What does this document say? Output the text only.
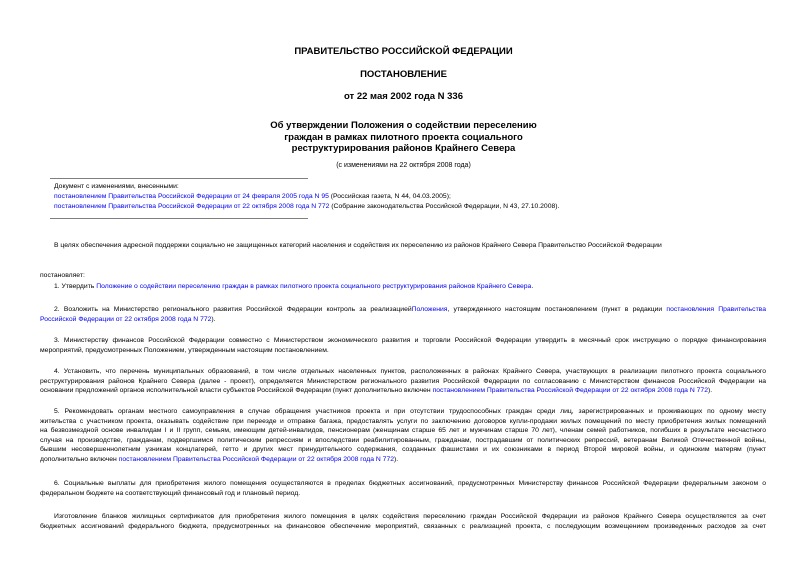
ПРАВИТЕЛЬСТВО РОССИЙСКОЙ ФЕДЕРАЦИИ
ПОСТАНОВЛЕНИЕ
от 22 мая 2002 года N 336
Об утверждении Положения о содействии переселению
граждан в рамках пилотного проекта социального
реструктурирования районов Крайнего Севера
(с изменениями на 22 октября 2008 года)
Документ с изменениями, внесенными:
постановлением Правительства Российской Федерации от 24 февраля 2005 года N 95 (Российская газета, N 44, 04.03.2005);
постановлением Правительства Российской Федерации от 22 октября 2008 года N 772 (Собрание законодательства Российской Федерации, N 43, 27.10.2008).
В целях обеспечения адресной поддержки социально не защищенных категорий населения и содействия их переселению из районов Крайнего Севера Правительство Российской Федерации
постановляет:
1. Утвердить Положение о содействии переселению граждан в рамках пилотного проекта социального реструктурирования районов Крайнего Севера.
2. Возложить на Министерство регионального развития Российской Федерации контроль за реализациейПоложения, утвержденного настоящим постановлением (пункт в редакции постановления Правительства
Российской Федерации от 22 октября 2008 года N 772).
3. Министерству финансов Российской Федерации совместно с Министерством экономического развития и торговли Российской Федерации утвердить в месячный срок инструкцию о порядке финансирования
мероприятий, предусмотренных Положением, утвержденным настоящим постановлением.
4. Установить, что перечень муниципальных образований, в том числе отдельных населенных пунктов, расположенных в районах Крайнего Севера, участвующих в реализации пилотного проекта социального
реструктурирования районов Крайнего Севера (далее - проект), определяется Министерством регионального развития Российской Федерации по согласованию с Министерством финансов Российской Федерации на
основании предложений органов исполнительной власти субъектов Российской Федерации (пункт дополнительно включен постановлением Правительства Российской Федерации от 22 октября 2008 года N 772).
5. Рекомендовать органам местного самоуправления в случае обращения участников проекта и при отсутствии трудоспособных граждан среди лиц, зарегистрированных и проживающих по одному месту
жительства с участником проекта, оказывать содействие при переезде и отправке багажа, предоставлять услуги по заключению договоров купли-продажи жилых помещений по месту приобретения жилых помещений
на безвозмездной основе инвалидам I и II групп, семьям, имеющим детей-инвалидов, пенсионерам (женщинам старше 65 лет и мужчинам старше 70 лет), членам семей работников, погибших в результате несчастного
случая на производстве, гражданам, подвергшимся политическим репрессиям и впоследствии реабилитированным, гражданам, пострадавшим от политических репрессий, ветеранам Великой Отечественной войны,
бывшим несовершеннолетним узникам концлагерей, гетто и других мест принудительного содержания, созданных фашистами и их союзниками в период Второй мировой войны, и одиноким матерям (пункт
дополнительно включен постановлением Правительства Российской Федерации от 22 октября 2008 года N 772).
6. Социальные выплаты для приобретения жилого помещения осуществляются в пределах бюджетных ассигнований, предусмотренных Министерству финансов Российской Федерации федеральным законом о
федеральном бюджете на соответствующий финансовый год и плановый период.
Изготовление бланков жилищных сертификатов для приобретения жилого помещения в целях содействия переселению граждан Российской Федерации из районов Крайнего Севера осуществляется за счет
бюджетных ассигнований федерального бюджета, предусмотренных на финансовое обеспечение мероприятий, связанных с реализацией проекта, с последующим возмещением произведенных расходов за счет
